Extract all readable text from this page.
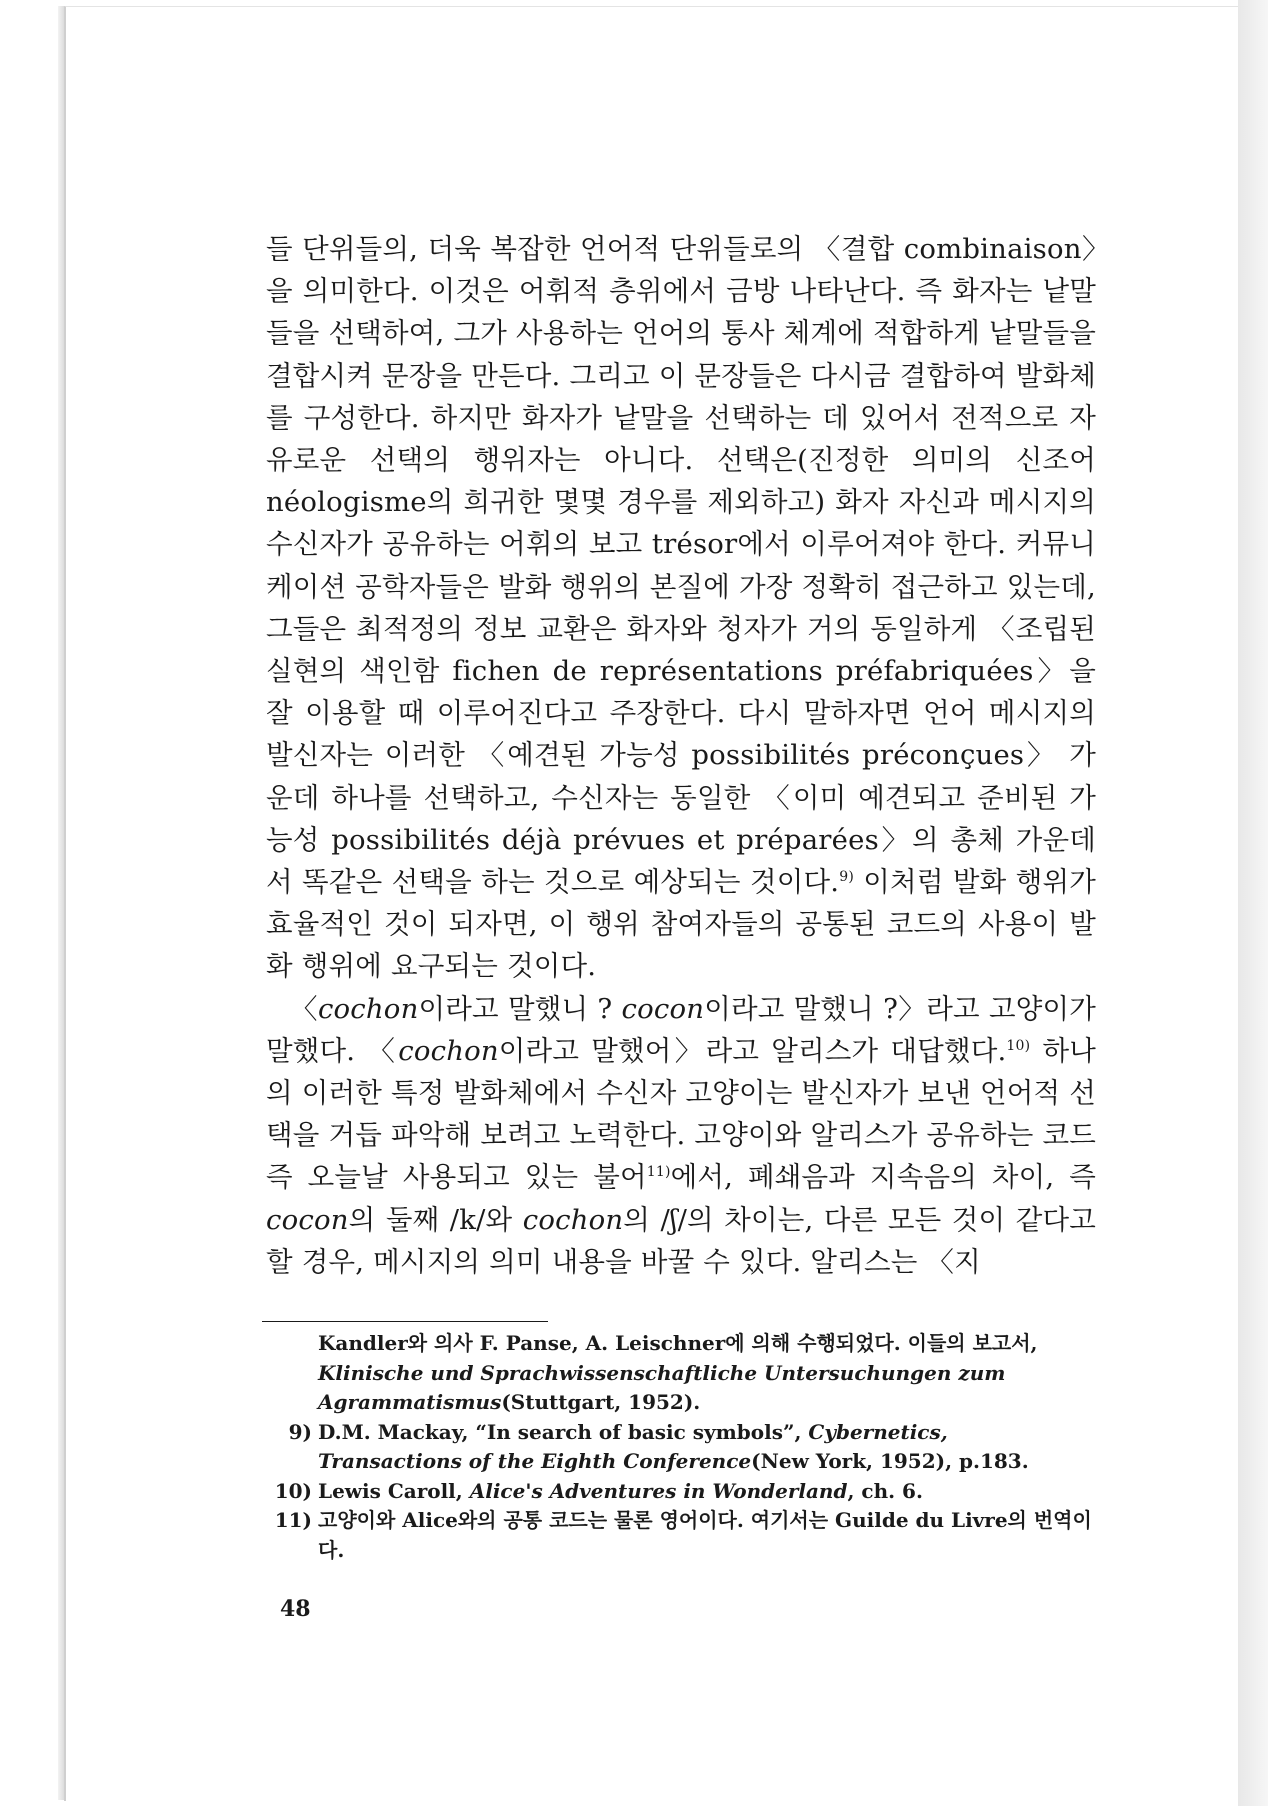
들 단위들의, 더욱 복잡한 언어적 단위들로의 〈결합 combinaison〉을 의미한다. 이것은 어휘적 층위에서 금방 나타난다. 즉 화자는 낱말들을 선택하여, 그가 사용하는 언어의 통사 체계에 적합하게 낱말들을 결합시켜 문장을 만든다. 그리고 이 문장들은 다시금 결합하여 발화체를 구성한다. 하지만 화자가 낱말을 선택하는 데 있어서 전적으로 자유로운 선택의 행위자는 아니다. 선택은(진정한 의미의 신조어 néologisme의 희귀한 몇몇 경우를 제외하고) 화자 자신과 메시지의 수신자가 공유하는 어휘의 보고 trésor에서 이루어져야 한다. 커뮤니케이션 공학자들은 발화 행위의 본질에 가장 정확히 접근하고 있는데, 그들은 최적정의 정보 교환은 화자와 청자가 거의 동일하게 〈조립된 실현의 색인함 fichen de représentations préfabriquées〉을 잘 이용할 때 이루어진다고 주장한다. 다시 말하자면 언어 메시지의 발신자는 이러한 〈예견된 가능성 possibilités préconçues〉 가운데 하나를 선택하고, 수신자는 동일한 〈이미 예견되고 준비된 가능성 possibilités déjà prévues et préparées〉의 총체 가운데서 똑같은 선택을 하는 것으로 예상되는 것이다.$^{9)}$ 이처럼 발화 행위가 효율적인 것이 되자면, 이 행위 참여자들의 공통된 코드의 사용이 발화 행위에 요구되는 것이다.

〈cochon이라고 말했니 ? cocon이라고 말했니 ?〉라고 고양이가 말했다. 〈cochon이라고 말했어〉라고 알리스가 대답했다.$^{10)}$ 하나의 이러한 특정 발화체에서 수신자 고양이는 발신자가 보낸 언어적 선택을 거듭 파악해 보려고 노력한다. 고양이와 알리스가 공유하는 코드 즉 오늘날 사용되고 있는 불어$^{11)}$에서, 폐쇄음과 지속음의 차이, 즉 cocon의 둘째 /k/와 cochon의 /ʃ/의 차이는, 다른 모든 것이 같다고 할 경우, 메시지의 의미 내용을 바꿀 수 있다. 알리스는 〈지

Kandler와 의사 F. Panse, A. Leischner에 의해 수행되었다. 이들의 보고서, Klinische und Sprachwissenschaftliche Untersuchungen zum Agrammatismus(Stuttgart, 1952).
9) D.M. Mackay, “In search of basic symbols”, Cybernetics, Transactions of the Eighth Conference(New York, 1952), p.183.
10) Lewis Caroll, Alice's Adventures in Wonderland, ch. 6.
11) 고양이와 Alice와의 공통 코드는 물론 영어이다. 여기서는 Guilde du Livre의 번역이다.
48
